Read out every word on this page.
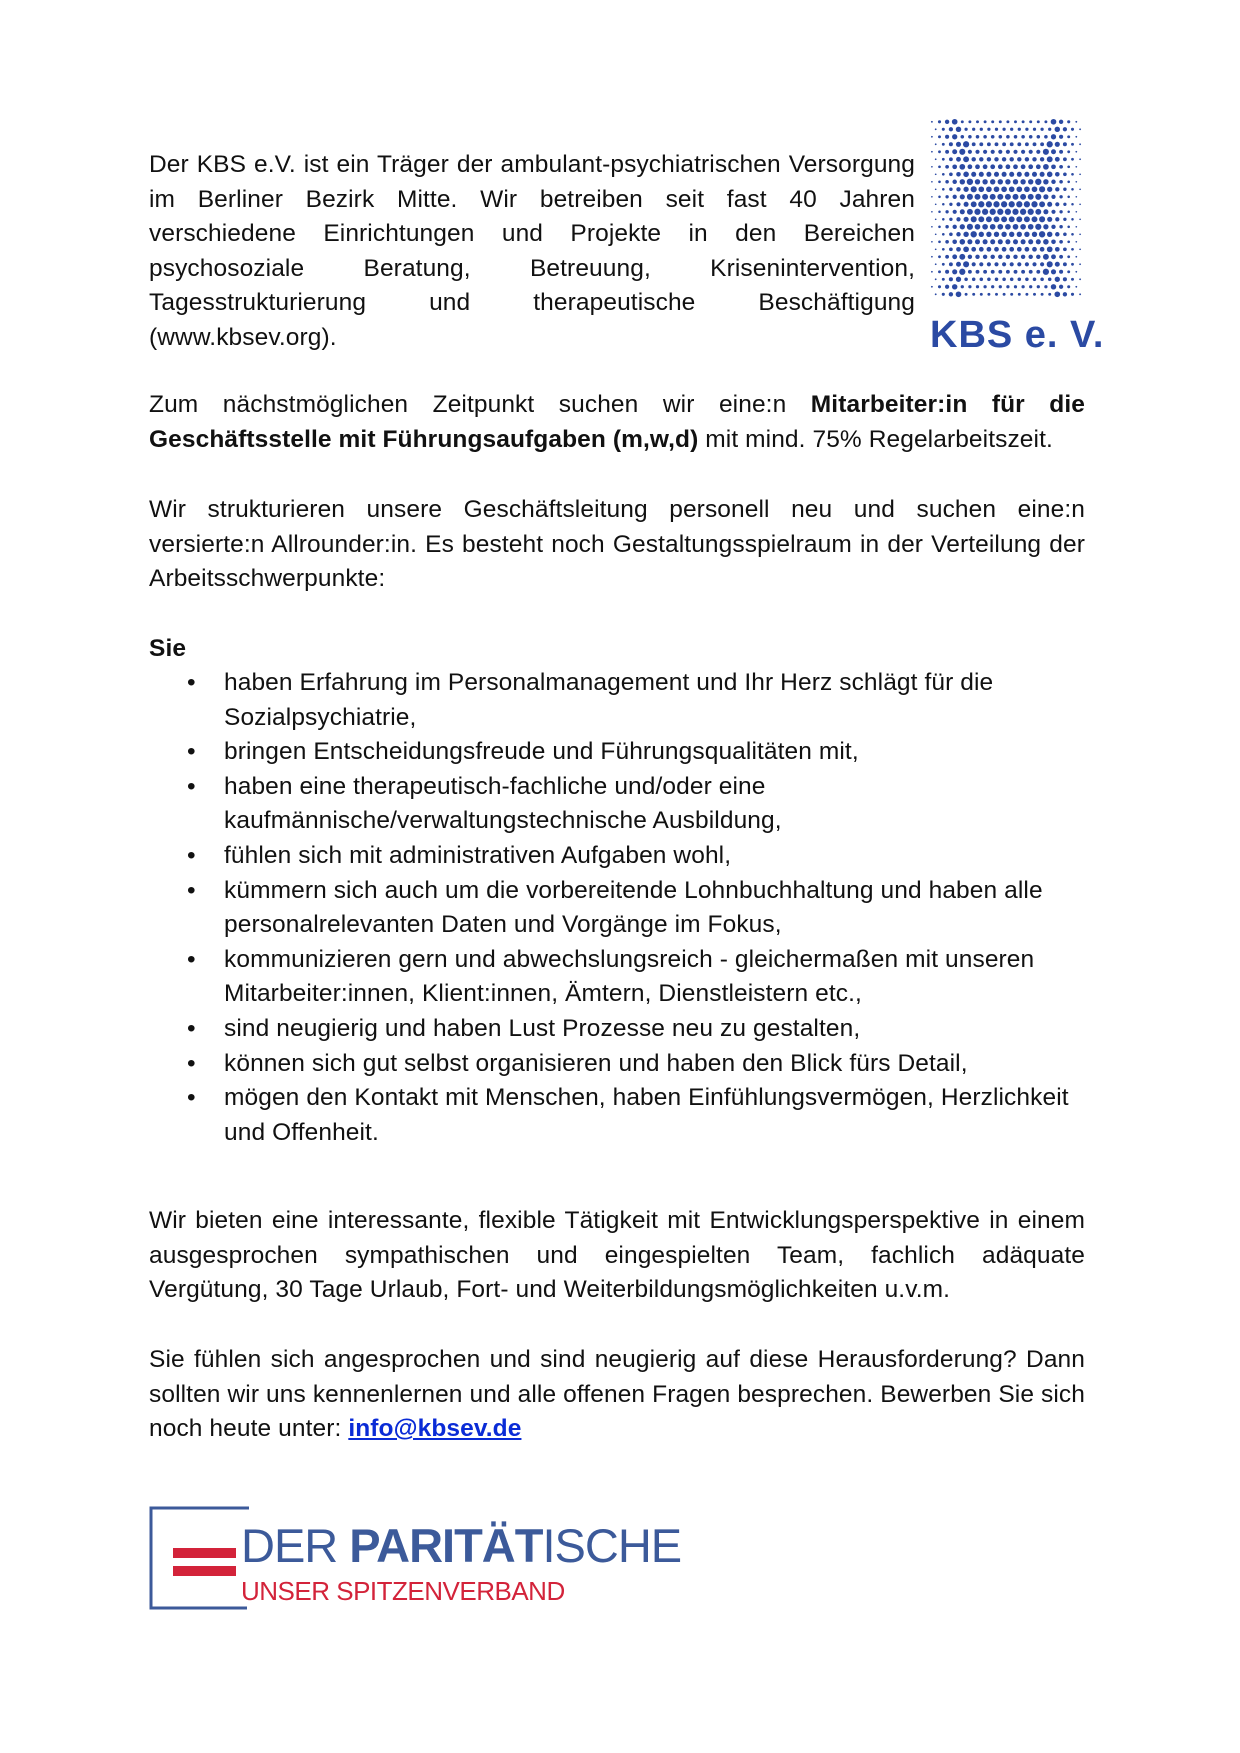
Der KBS e.V. ist ein Träger der ambulant-psychiatrischen Versorgung im Berliner Bezirk Mitte. Wir betreiben seit fast 40 Jahren verschiedene Einrichtungen und Projekte in den Bereichen psychosoziale Beratung, Betreuung, Krisenintervention, Tagesstrukturierung und therapeutische Beschäftigung (www.kbsev.org).	KBS e. V.

Zum nächstmöglichen Zeitpunkt suchen wir eine:n Mitarbeiter:in für die Geschäftsstelle mit Führungsaufgaben (m,w,d) mit mind. 75% Regelarbeitszeit.

Wir strukturieren unsere Geschäftsleitung personell neu und suchen eine:n versierte:n Allrounder:in. Es besteht noch Gestaltungsspielraum in der Verteilung der Arbeitsschwerpunkte:

Sie
• haben Erfahrung im Personalmanagement und Ihr Herz schlägt für die Sozialpsychiatrie,
• bringen Entscheidungsfreude und Führungsqualitäten mit,
• haben eine therapeutisch-fachliche und/oder eine kaufmännische/verwaltungstechnische Ausbildung,
• fühlen sich mit administrativen Aufgaben wohl,
• kümmern sich auch um die vorbereitende Lohnbuchhaltung und haben alle personalrelevanten Daten und Vorgänge im Fokus,
• kommunizieren gern und abwechslungsreich - gleichermaßen mit unseren Mitarbeiter:innen, Klient:innen, Ämtern, Dienstleistern etc.,
• sind neugierig und haben Lust Prozesse neu zu gestalten,
• können sich gut selbst organisieren und haben den Blick fürs Detail,
• mögen den Kontakt mit Menschen, haben Einfühlungsvermögen, Herzlichkeit und Offenheit.

Wir bieten eine interessante, flexible Tätigkeit mit Entwicklungsperspektive in einem ausgesprochen sympathischen und eingespielten Team, fachlich adäquate Vergütung, 30 Tage Urlaub, Fort- und Weiterbildungsmöglichkeiten u.v.m.

Sie fühlen sich angesprochen und sind neugierig auf diese Herausforderung? Dann sollten wir uns kennenlernen und alle offenen Fragen besprechen. Bewerben Sie sich noch heute unter: info@kbsev.de

DER PARITÄTISCHE
UNSER SPITZENVERBAND
